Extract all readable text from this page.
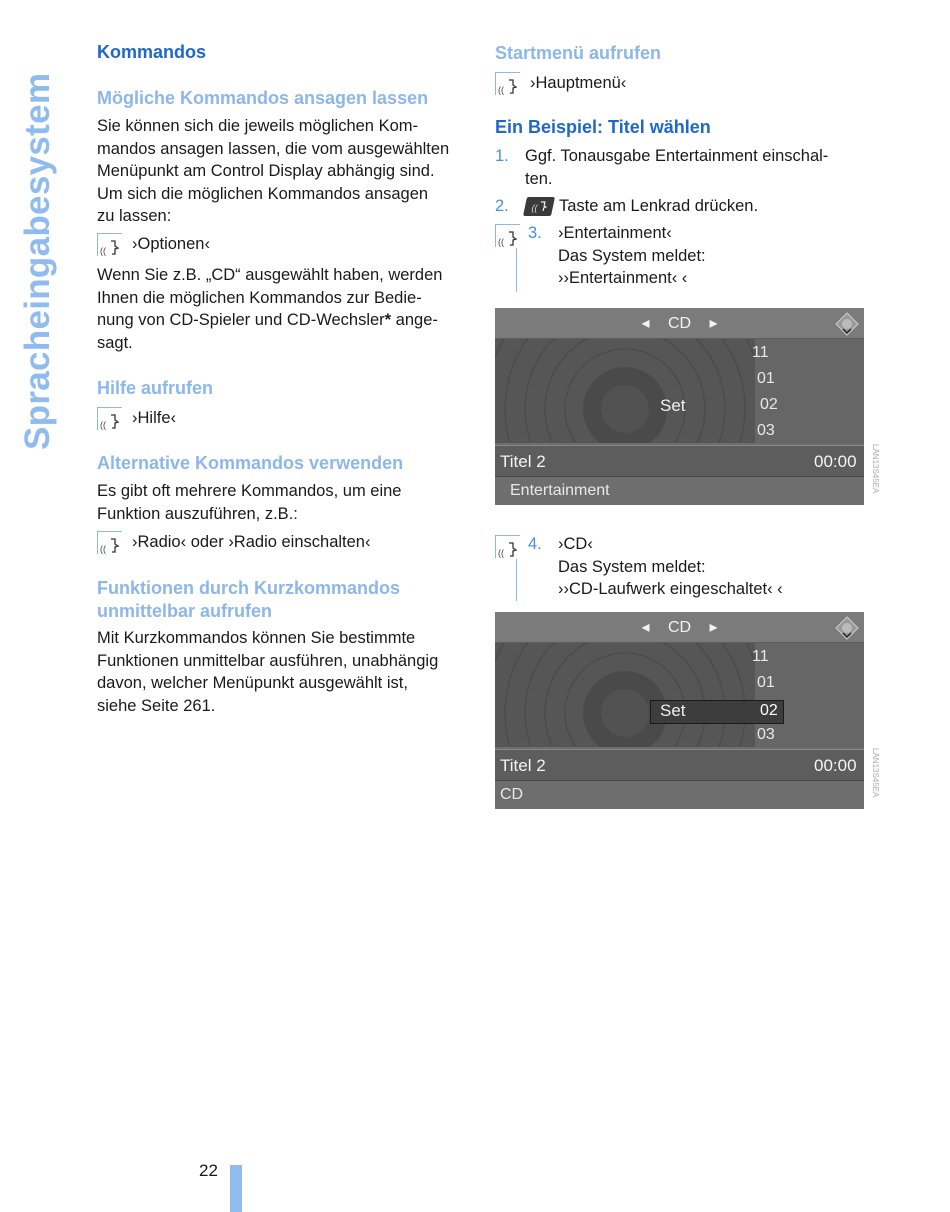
Spracheingabesystem
Kommandos
Mögliche Kommandos ansagen lassen
Sie können sich die jeweils möglichen Kom-
mandos ansagen lassen, die vom ausgewählten
Menüpunkt am Control Display abhängig sind.
Um sich die möglichen Kommandos ansagen
zu lassen:
(( ›Optionen‹
Wenn Sie z.B. „CD“ ausgewählt haben, werden
Ihnen die möglichen Kommandos zur Bedie-
nung von CD-Spieler und CD-Wechsler* ange-
sagt.
Hilfe aufrufen
(( ›Hilfe‹
Alternative Kommandos verwenden
Es gibt oft mehrere Kommandos, um eine
Funktion auszuführen, z.B.:
(( ›Radio‹ oder ›Radio einschalten‹
Funktionen durch Kurzkommandos
unmittelbar aufrufen
Mit Kurzkommandos können Sie bestimmte
Funktionen unmittelbar ausführen, unabhängig
davon, welcher Menüpunkt ausgewählt ist,
siehe Seite 261.
Startmenü aufrufen
(( ›Hauptmenü‹
Ein Beispiel: Titel wählen
1. Ggf. Tonausgabe Entertainment einschal-
ten.
2.	(( Taste am Lenkrad drücken.
(( 3. ›Entertainment‹
Das System meldet:
››Entertainment‹ ‹
◂ CD ▸
11
01
02
03
Set
Titel 2	00:00
Entertainment	LAN13S45EA
(( 4. ›CD‹
Das System meldet:
››CD-Laufwerk eingeschaltet‹ ‹
◂ CD ▸
11
01
02
03
Set
Titel 2	00:00
CD	LAN13S45EA
22
